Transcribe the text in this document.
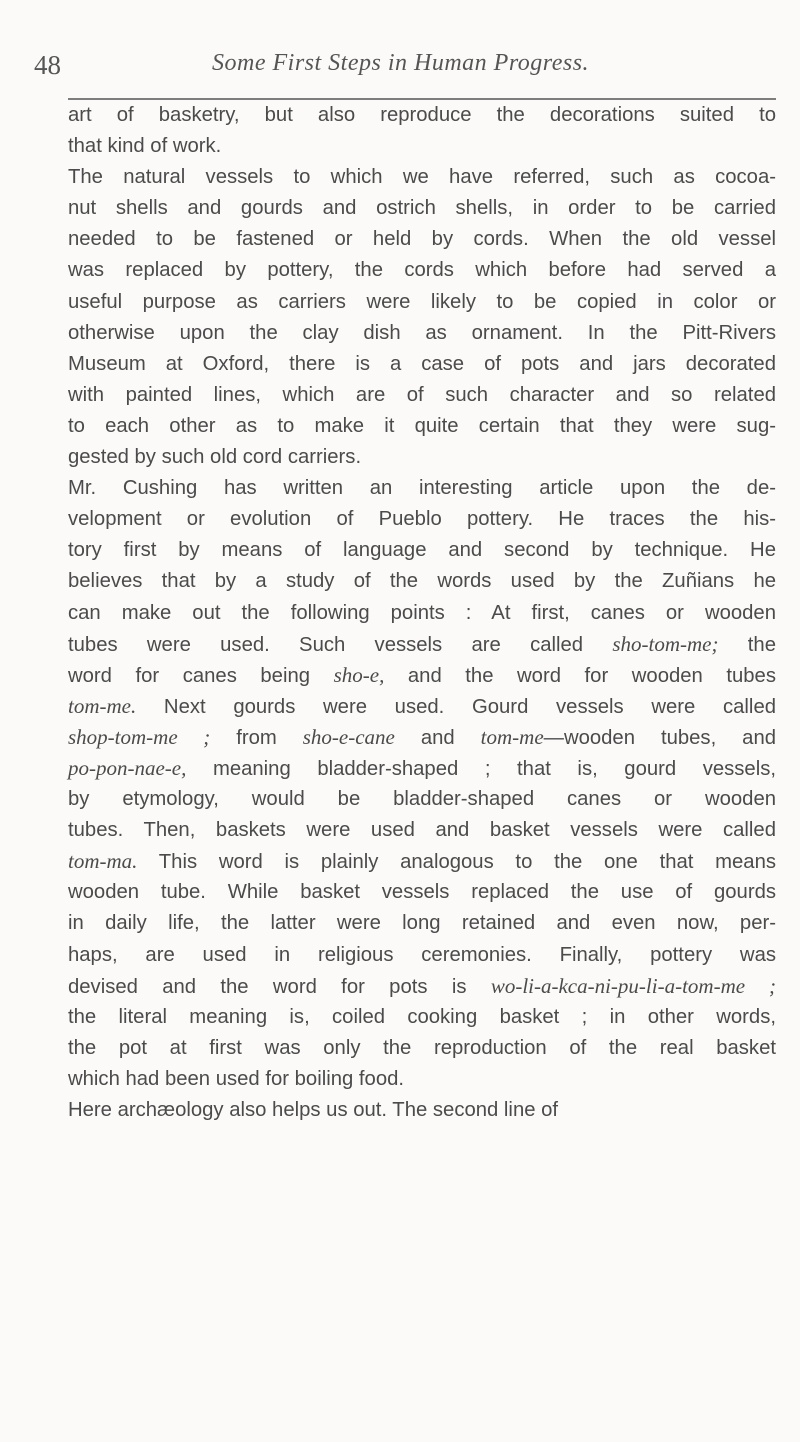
48	Some First Steps in Human Progress.
art of basketry, but also reproduce the decorations suited to
that kind of work.
The natural vessels to which we have referred, such as cocoa-
nut shells and gourds and ostrich shells, in order to be carried
needed to be fastened or held by cords. When the old vessel
was replaced by pottery, the cords which before had served a
useful purpose as carriers were likely to be copied in color or
otherwise upon the clay dish as ornament. In the Pitt-Rivers
Museum at Oxford, there is a case of pots and jars decorated
with painted lines, which are of such character and so related
to each other as to make it quite certain that they were sug-
gested by such old cord carriers.
Mr. Cushing has written an interesting article upon the de-
velopment or evolution of Pueblo pottery. He traces the his-
tory first by means of language and second by technique. He
believes that by a study of the words used by the Zuñians he
can make out the following points : At first, canes or wooden
tubes were used. Such vessels are called sho-tom-me; the
word for canes being sho-e, and the word for wooden tubes
tom-me. Next gourds were used. Gourd vessels were called
shop-tom-me ; from sho-e-cane and tom-me—wooden tubes, and
po-pon-nae-e, meaning bladder-shaped ; that is, gourd vessels,
by etymology, would be bladder-shaped canes or wooden
tubes. Then, baskets were used and basket vessels were called
tom-ma. This word is plainly analogous to the one that means
wooden tube. While basket vessels replaced the use of gourds
in daily life, the latter were long retained and even now, per-
haps, are used in religious ceremonies. Finally, pottery was
devised and the word for pots is wo-li-a-kca-ni-pu-li-a-tom-me ;
the literal meaning is, coiled cooking basket ; in other words,
the pot at first was only the reproduction of the real basket
which had been used for boiling food.
Here archæology also helps us out. The second line of
